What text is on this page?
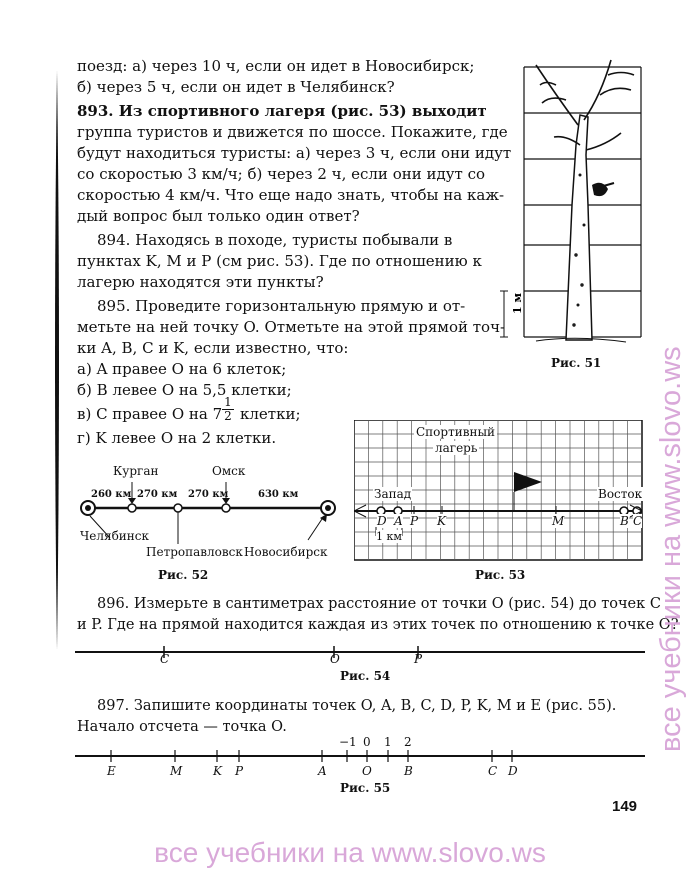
поезд: а) через 10 ч, если он идет в Новосибирск;
б) через 5 ч, если он идет в Челябинск?
893. Из спортивного лагеря (рис. 53) выходит
группа туристов и движется по шоссе. Покажите, где
будут находиться туристы: а) через 3 ч, если они идут
со скоростью 3 км/ч; б) через 2 ч, если они идут со
скоростью 4 км/ч. Что еще надо знать, чтобы на каж-
дый вопрос был только один ответ?
894. Находясь в походе, туристы побывали в
пунктах K, M и P (см рис. 53). Где по отношению к
лагерю находятся эти пункты?
895. Проведите горизонтальную прямую и от-
метьте на ней точку O. Отметьте на этой прямой точ-
ки A, B, C и K, если известно, что:
а) A правее O на 6 клеток;
б) B левее O на 5,5 клетки;
в) C правее O на $7 \frac{1}{2}$ клетки;
г) K левее O на 2 клетки.
896. Измерьте в сантиметрах расстояние от точки O (рис. 54) до точек C
и P. Где на прямой находится каждая из этих точек по отношению к точке O?
897. Запишите координаты точек O, A, B, C, D, P, K, M и E (рис. 55).
Начало отсчета — точка O.
1 м
Рис. 51
Курган	Омск
260 км 270 км 270 км	630 км
Челябинск
Петропавловск Новосибирск
Рис. 52
Спортивный
лагерь
Запад	Восток
D A P K	M	B C
1 км
Рис. 53
C	O	P
Рис. 54
−1 0 1 2
E	M	K P	A	O	B	C D
Рис. 55
149
все учебники на www.slovo.ws
все учебники на www.slovo.ws
